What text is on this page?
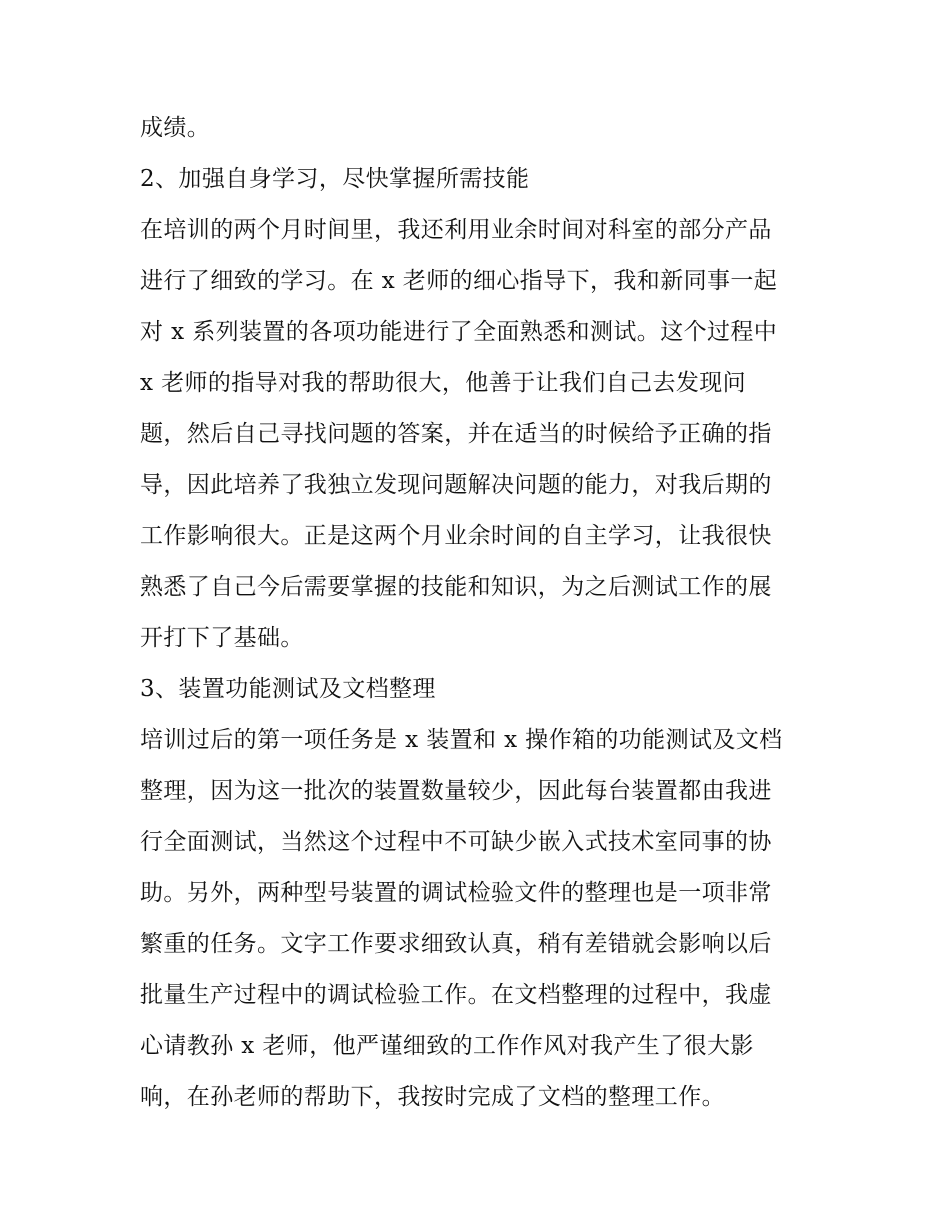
成绩。
2、加强自身学习，尽快掌握所需技能
在培训的两个月时间里，我还利用业余时间对科室的部分产品
进行了细致的学习。在 x 老师的细心指导下，我和新同事一起
对 x 系列装置的各项功能进行了全面熟悉和测试。这个过程中
x 老师的指导对我的帮助很大，他善于让我们自己去发现问
题，然后自己寻找问题的答案，并在适当的时候给予正确的指
导，因此培养了我独立发现问题解决问题的能力，对我后期的
工作影响很大。正是这两个月业余时间的自主学习，让我很快
熟悉了自己今后需要掌握的技能和知识，为之后测试工作的展
开打下了基础。
3、装置功能测试及文档整理
培训过后的第一项任务是 x 装置和 x 操作箱的功能测试及文档
整理，因为这一批次的装置数量较少，因此每台装置都由我进
行全面测试，当然这个过程中不可缺少嵌入式技术室同事的协
助。另外，两种型号装置的调试检验文件的整理也是一项非常
繁重的任务。文字工作要求细致认真，稍有差错就会影响以后
批量生产过程中的调试检验工作。在文档整理的过程中，我虚
心请教孙 x 老师，他严谨细致的工作作风对我产生了很大影
响，在孙老师的帮助下，我按时完成了文档的整理工作。
